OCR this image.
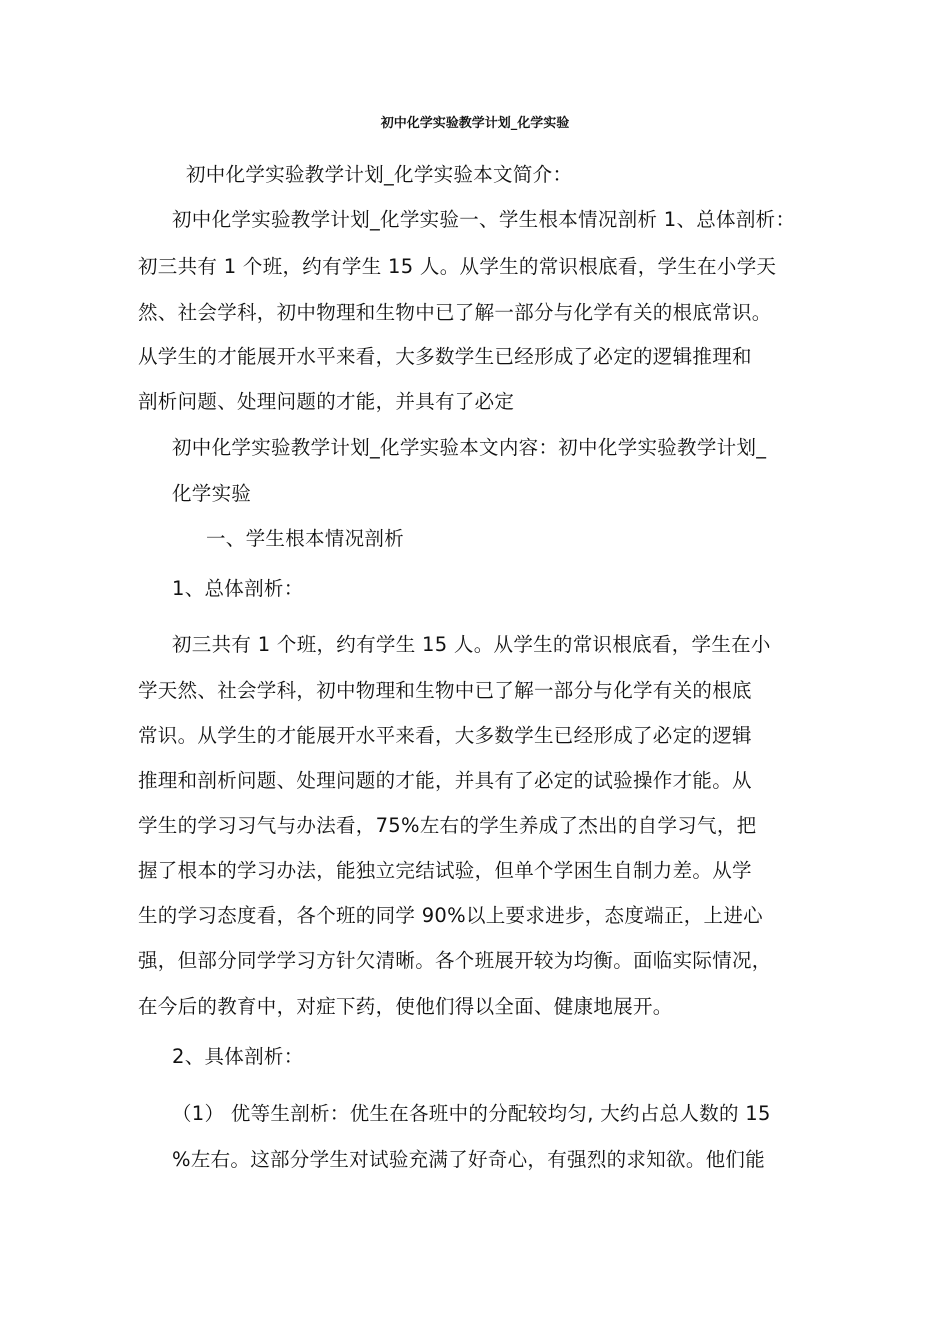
初中化学实验教学计划_化学实验
初中化学实验教学计划_化学实验本文简介：
初中化学实验教学计划_化学实验一、学生根本情况剖析 1、总体剖析：
初三共有 1 个班，约有学生 15 人。从学生的常识根底看，学生在小学天
然、社会学科，初中物理和生物中已了解一部分与化学有关的根底常识。
从学生的才能展开水平来看，大多数学生已经形成了必定的逻辑推理和
剖析问题、处理问题的才能，并具有了必定
初中化学实验教学计划_化学实验本文内容：初中化学实验教学计划_
化学实验
一、学生根本情况剖析
1、总体剖析：
初三共有 1 个班，约有学生 15 人。从学生的常识根底看，学生在小
学天然、社会学科，初中物理和生物中已了解一部分与化学有关的根底
常识。从学生的才能展开水平来看，大多数学生已经形成了必定的逻辑
推理和剖析问题、处理问题的才能，并具有了必定的试验操作才能。从
学生的学习习气与办法看，75%左右的学生养成了杰出的自学习气，把
握了根本的学习办法，能独立完结试验，但单个学困生自制力差。从学
生的学习态度看，各个班的同学 90%以上要求进步，态度端正，上进心
强，但部分同学学习方针欠清晰。各个班展开较为均衡。面临实际情况，
在今后的教育中，对症下药，使他们得以全面、健康地展开。
2、具体剖析：
（1） 优等生剖析：优生在各班中的分配较均匀, 大约占总人数的 15
%左右。这部分学生对试验充满了好奇心，有强烈的求知欲。他们能
